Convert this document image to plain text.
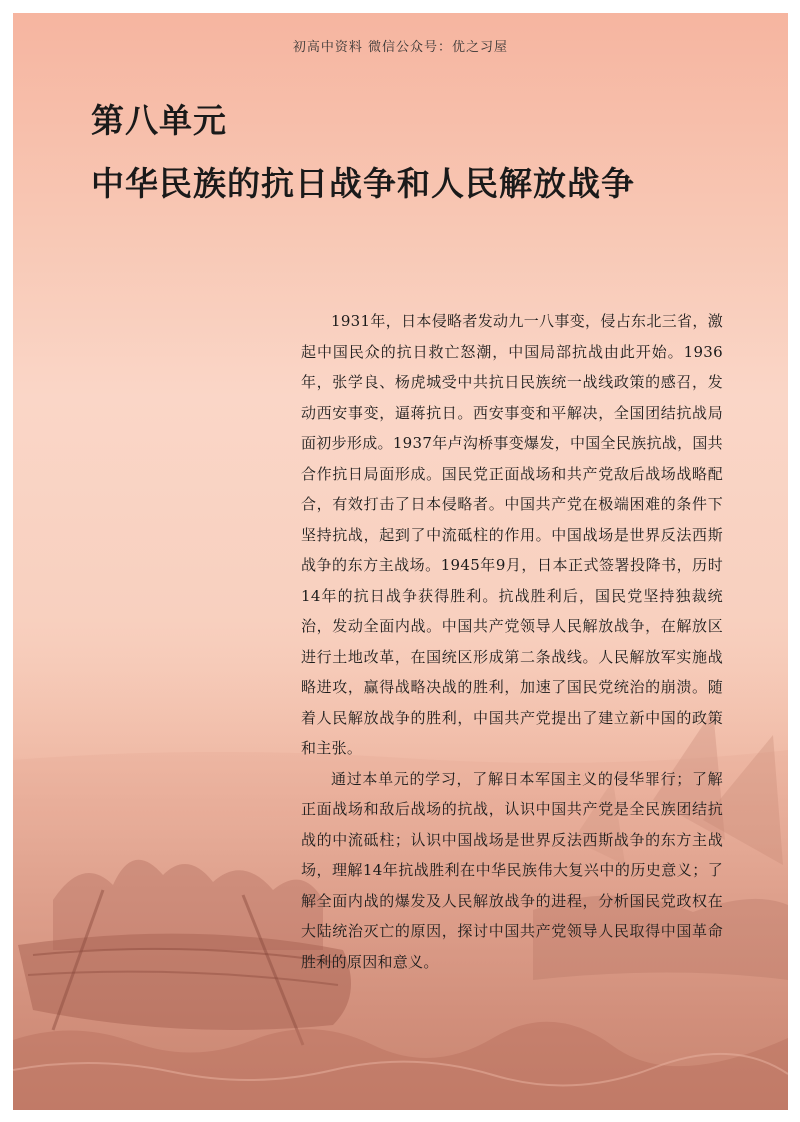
初高中资料 微信公众号：优之习屋
第八单元
中华民族的抗日战争和人民解放战争

1931年，日本侵略者发动九一八事变，侵占东北三省，激起中国民众的抗日救亡怒潮，中国局部抗战由此开始。1936年，张学良、杨虎城受中共抗日民族统一战线政策的感召，发动西安事变，逼蒋抗日。西安事变和平解决，全国团结抗战局面初步形成。1937年卢沟桥事变爆发，中国全民族抗战，国共合作抗日局面形成。国民党正面战场和共产党敌后战场战略配合，有效打击了日本侵略者。中国共产党在极端困难的条件下坚持抗战，起到了中流砥柱的作用。中国战场是世界反法西斯战争的东方主战场。1945年9月，日本正式签署投降书，历时14年的抗日战争获得胜利。抗战胜利后，国民党坚持独裁统治，发动全面内战。中国共产党领导人民解放战争，在解放区进行土地改革，在国统区形成第二条战线。人民解放军实施战略进攻，赢得战略决战的胜利，加速了国民党统治的崩溃。随着人民解放战争的胜利，中国共产党提出了建立新中国的政策和主张。

通过本单元的学习，了解日本军国主义的侵华罪行；了解正面战场和敌后战场的抗战，认识中国共产党是全民族团结抗战的中流砥柱；认识中国战场是世界反法西斯战争的东方主战场，理解14年抗战胜利在中华民族伟大复兴中的历史意义；了解全面内战的爆发及人民解放战争的进程，分析国民党政权在大陆统治灭亡的原因，探讨中国共产党领导人民取得中国革命胜利的原因和意义。
